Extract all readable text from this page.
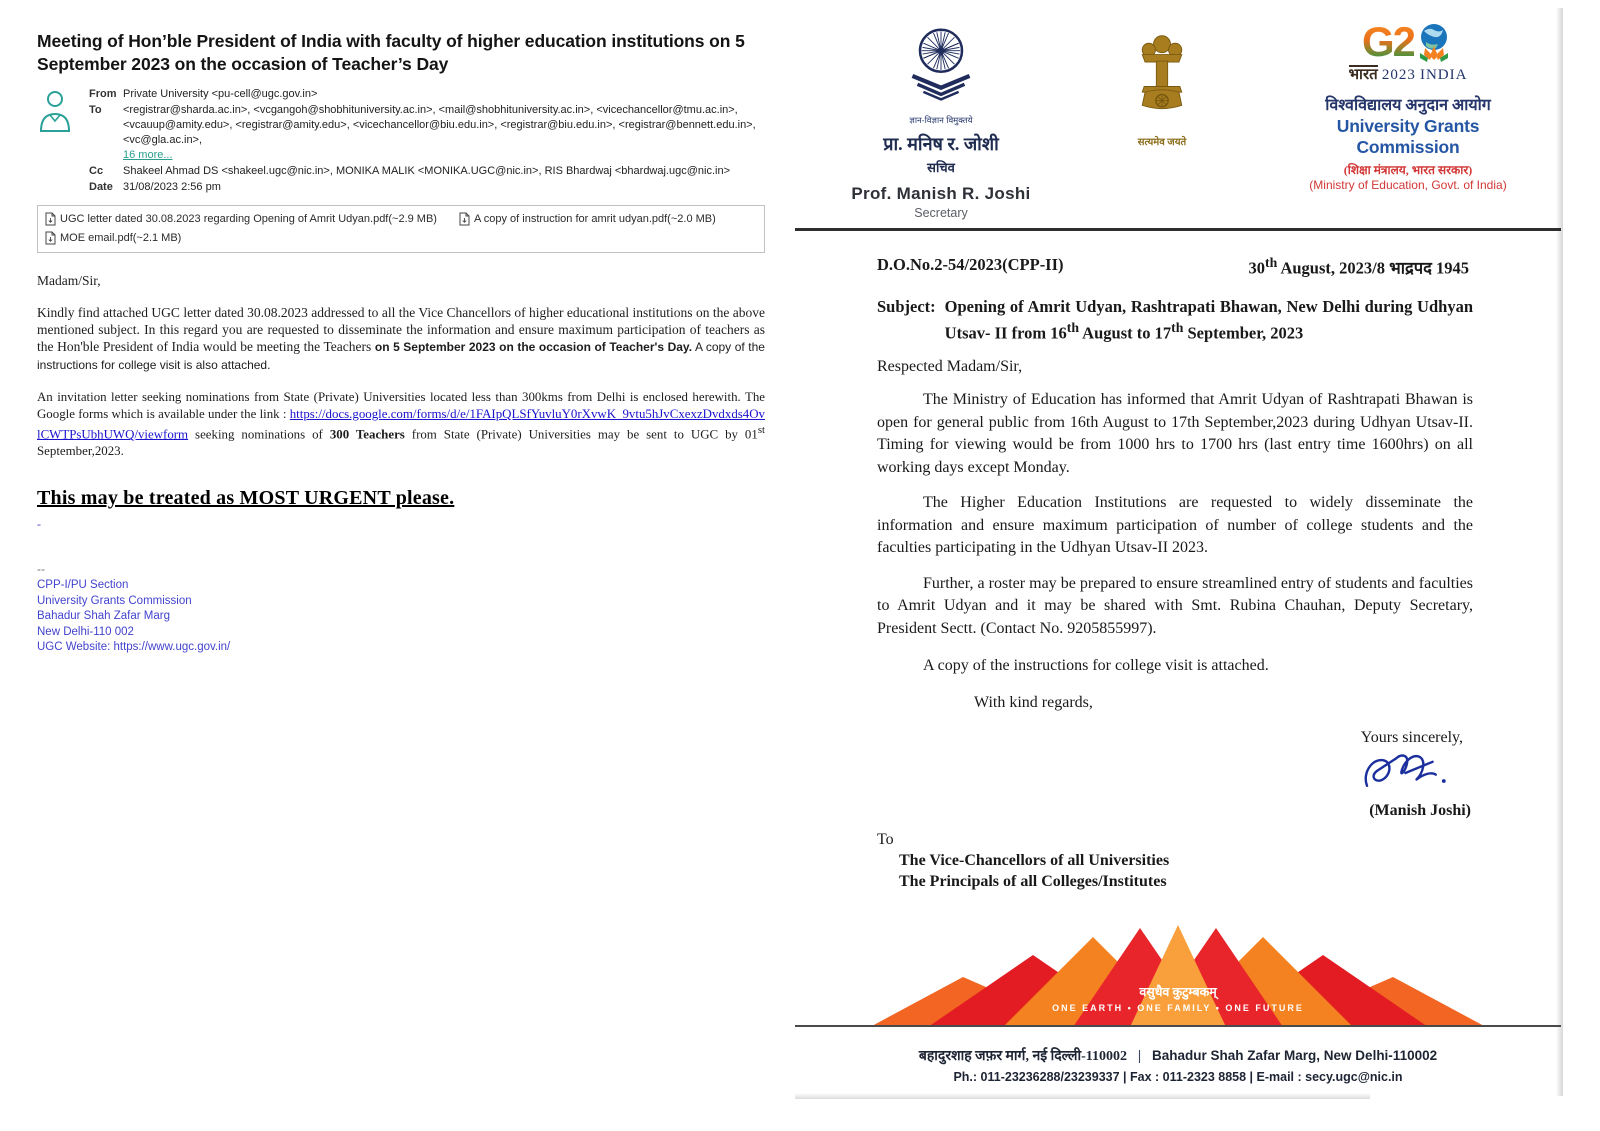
Meeting of Hon’ble President of India with faculty of higher education institutions on 5 September 2023 on the occasion of Teacher’s Day
From Private University <pu-cell@ugc.gov.in>
To	<registrar@sharda.ac.in>, <vcgangoh@shobhituniversity.ac.in>, <mail@shobhituniversity.ac.in>, <vicechancellor@tmu.ac.in>, <vcauup@amity.edu>, <registrar@amity.edu>, <vicechancellor@biu.edu.in>, <registrar@biu.edu.in>, <registrar@bennett.edu.in>, <vc@gla.ac.in>,
16 more...
Cc	Shakeel Ahmad DS <shakeel.ugc@nic.in>, MONIKA MALIK <MONIKA.UGC@nic.in>, RIS Bhardwaj <bhardwaj.ugc@nic.in>
Date 31/08/2023 2:56 pm
UGC letter dated 30.08.2023 regarding Opening of Amrit Udyan.pdf(~2.9 MB)	A copy of instruction for amrit udyan.pdf(~2.0 MB)
MOE email.pdf(~2.1 MB)
Madam/Sir,
Kindly find attached UGC letter dated 30.08.2023 addressed to all the Vice Chancellors of higher educational institutions on the above mentioned subject. In this regard you are requested to disseminate the information and ensure maximum participation of teachers as the Hon'ble President of India would be meeting the Teachers on 5 September 2023 on the occasion of Teacher's Day. A copy of the instructions for college visit is also attached.
An invitation letter seeking nominations from State (Private) Universities located less than 300kms from Delhi is enclosed herewith. The Google forms which is available under the link : https://docs.google.com/forms/d/e/1FAIpQLSfYuvluY0rXvwK_9vtu5hJvCxexzDvdxds4OvlCWTPsUbhUWQ/viewform seeking nominations of 300 Teachers from State (Private) Universities may be sent to UGC by 01st September,2023.
This may be treated as MOST URGENT please.
-
--
CPP-I/PU Section
University Grants Commission
Bahadur Shah Zafar Marg
New Delhi-110 002
UGC Website: https://www.ugc.gov.in/
ज्ञान-विज्ञान विमुक्तये
प्रा. मनिष र. जोशी
सचिव
Prof. Manish R. Joshi
Secretary
सत्यमेव जयते
G2
भारत 2023 INDIA
विश्वविद्यालय अनुदान आयोग
University Grants Commission
(शिक्षा मंत्रालय, भारत सरकार)
(Ministry of Education, Govt. of India)
D.O.No.2-54/2023(CPP-II)	30th August, 2023/8 भाद्रपद 1945
Subject: Opening of Amrit Udyan, Rashtrapati Bhawan, New Delhi during Udhyan Utsav- II from 16th August to 17th September, 2023
Respected Madam/Sir,
The Ministry of Education has informed that Amrit Udyan of Rashtrapati Bhawan is open for general public from 16th August to 17th September,2023 during Udhyan Utsav-II. Timing for viewing would be from 1000 hrs to 1700 hrs (last entry time 1600hrs) on all working days except Monday.
The Higher Education Institutions are requested to widely disseminate the information and ensure maximum participation of number of college students and the faculties participating in the Udhyan Utsav-II 2023.
Further, a roster may be prepared to ensure streamlined entry of students and faculties to Amrit Udyan and it may be shared with Smt. Rubina Chauhan, Deputy Secretary, President Sectt. (Contact No. 9205855997).
A copy of the instructions for college visit is attached.
With kind regards,
Yours sincerely,
(Manish Joshi)
To
The Vice-Chancellors of all Universities
The Principals of all Colleges/Institutes
वसुधैव कुटुम्बकम्
ONE EARTH • ONE FAMILY • ONE FUTURE
बहादुरशाह जफ़र मार्ग, नई दिल्ली-110002 | Bahadur Shah Zafar Marg, New Delhi-110002
Ph.: 011-23236288/23239337 | Fax : 011-2323 8858 | E-mail : secy.ugc@nic.in
